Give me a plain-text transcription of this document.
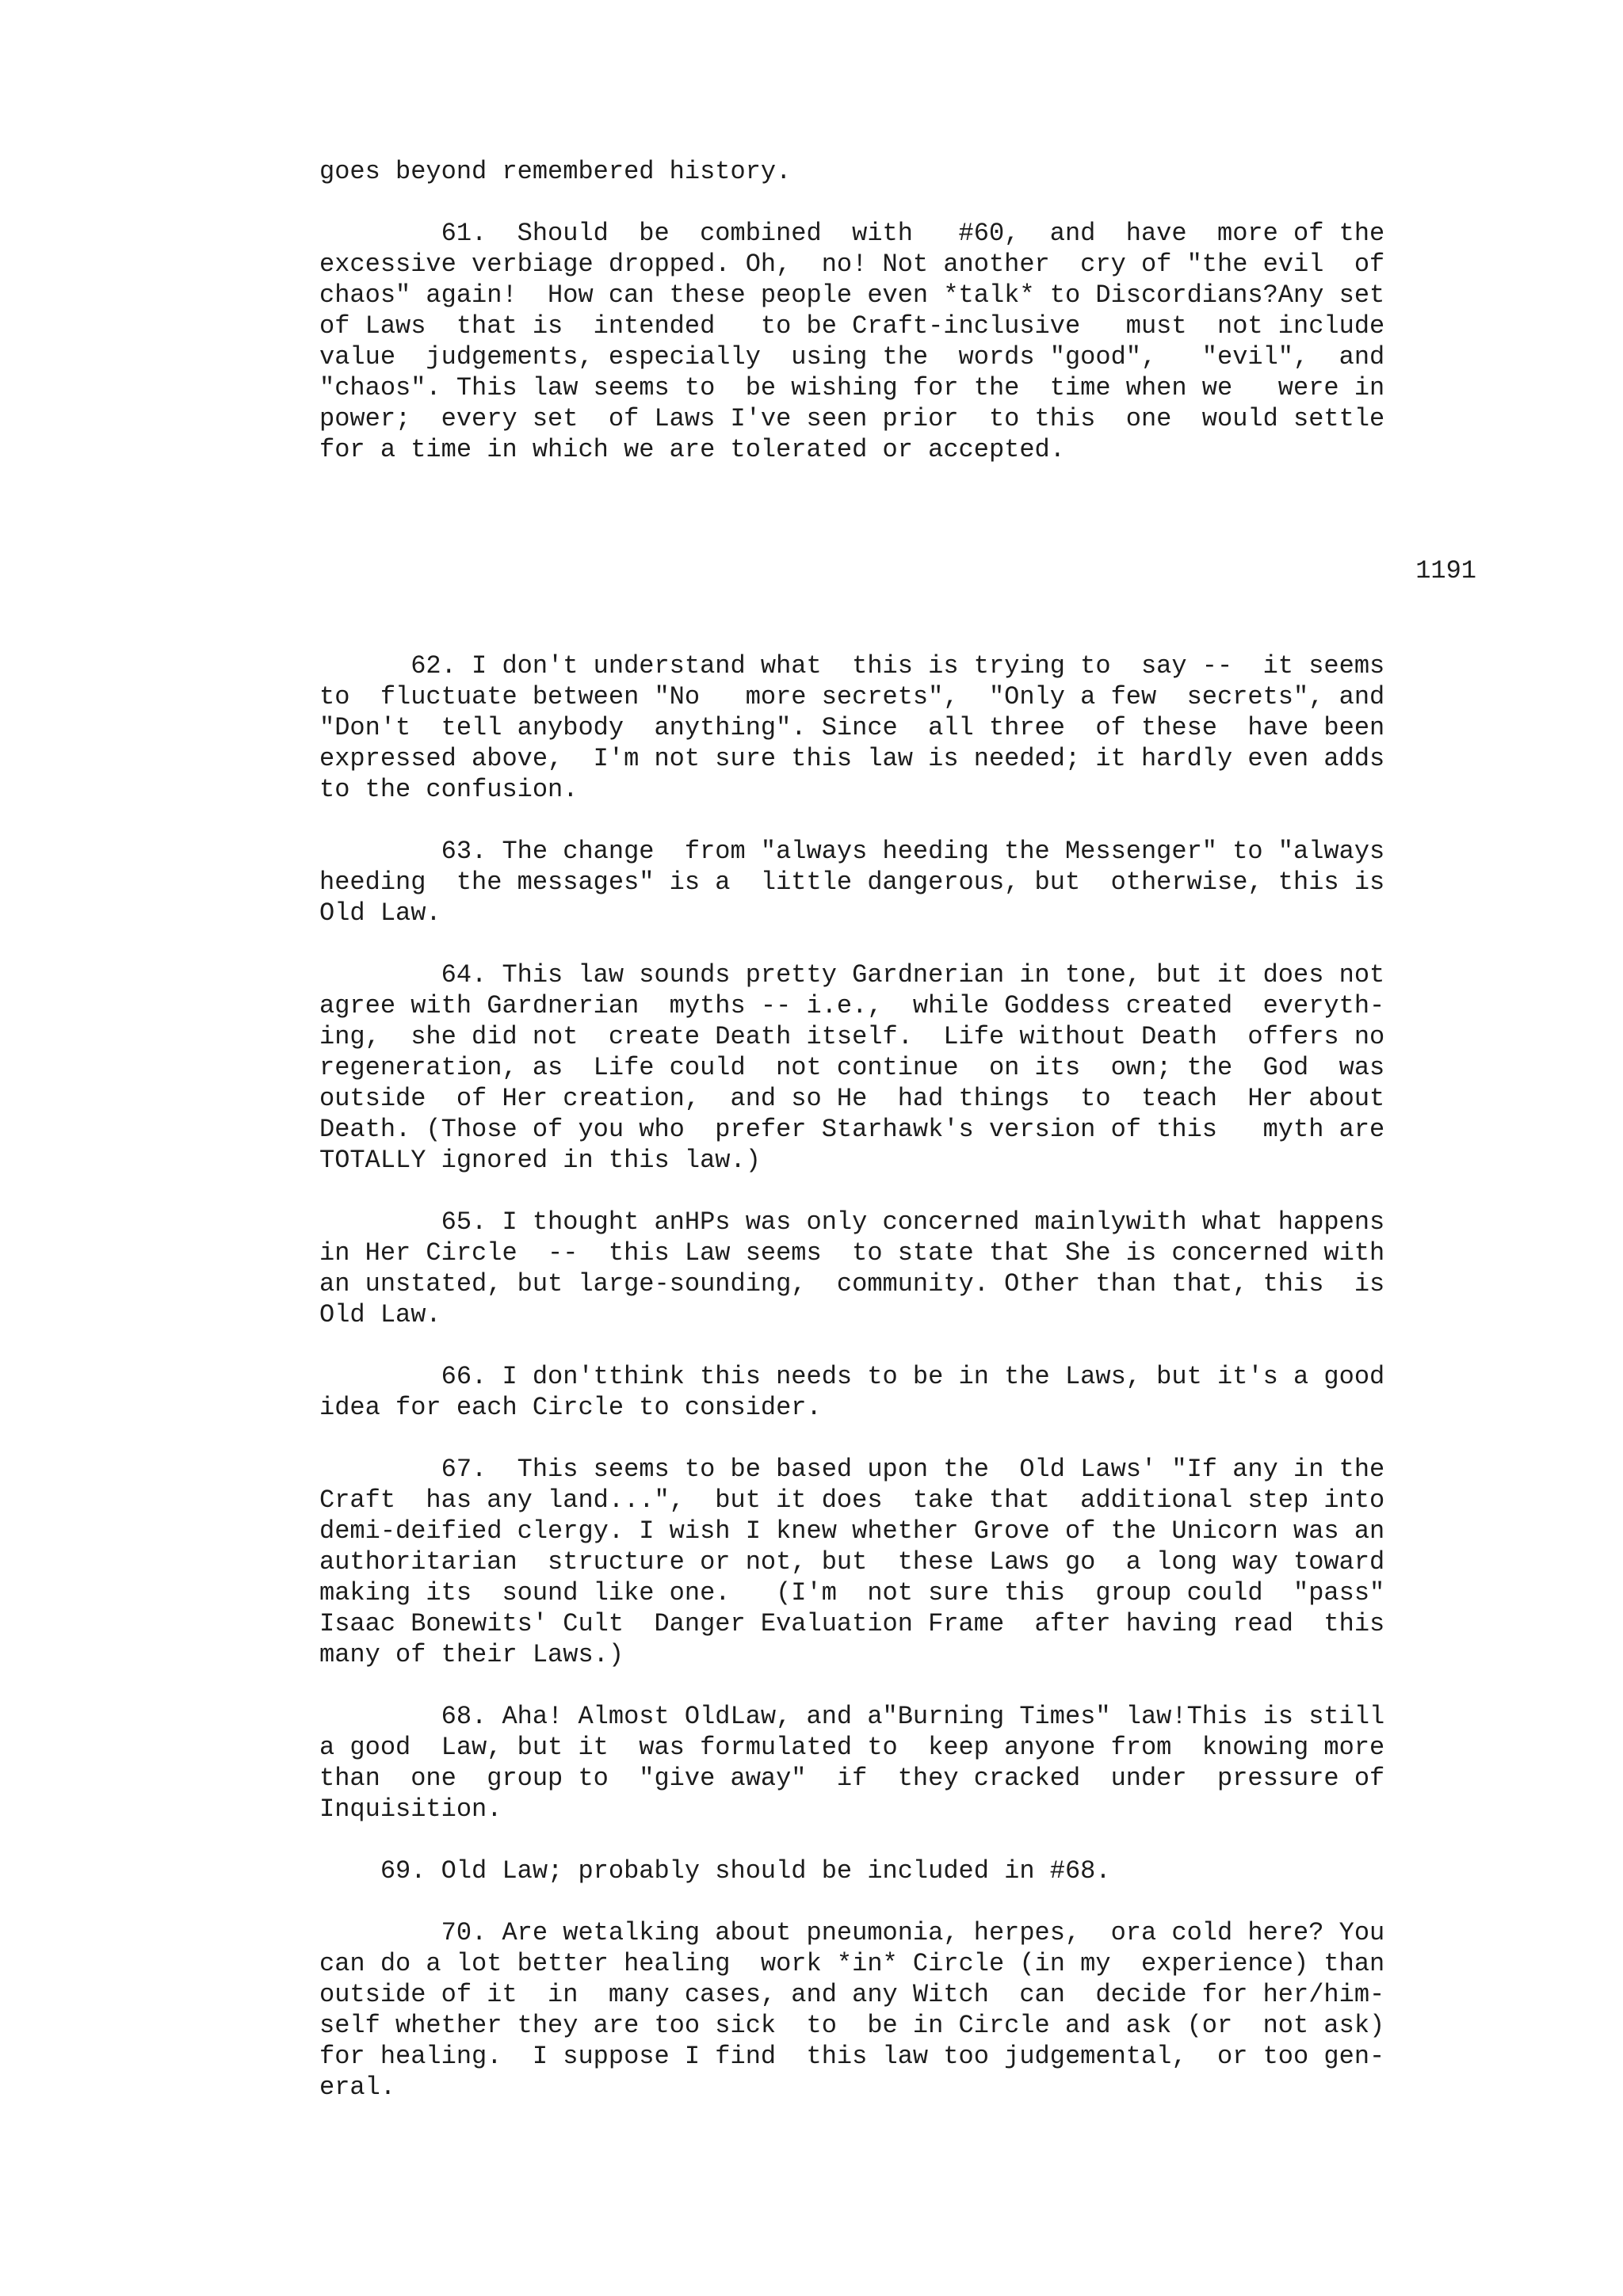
1191
goes beyond remembered history.
61.  Should  be  combined  with   #60,  and  have  more of the
excessive verbiage dropped. Oh,  no! Not another  cry of "the evil  of
chaos" again!  How can these people even *talk* to Discordians?Any set
of Laws  that is  intended   to be Craft-inclusive   must  not include
value  judgements, especially  using the  words "good",   "evil",  and
"chaos". This law seems to  be wishing for the  time when we   were in
power;  every set  of Laws I've seen prior  to this  one  would settle
for a time in which we are tolerated or accepted.
62. I don't understand what  this is trying to  say --  it seems
to  fluctuate between "No   more secrets",  "Only a few  secrets", and
"Don't  tell anybody  anything". Since  all three  of these  have been
expressed above,  I'm not sure this law is needed; it hardly even adds
to the confusion.
63. The change  from "always heeding the Messenger" to "always
heeding  the messages" is a  little dangerous, but  otherwise, this is
Old Law.
64. This law sounds pretty Gardnerian in tone, but it does not
agree with Gardnerian  myths -- i.e.,  while Goddess created  everyth-
ing,  she did not  create Death itself.  Life without Death  offers no
regeneration, as  Life could  not continue  on its  own; the  God  was
outside  of Her creation,  and so He  had things  to  teach  Her about
Death. (Those of you who  prefer Starhawk's version of this   myth are
TOTALLY ignored in this law.)
65. I thought anHPs was only concerned mainlywith what happens
in Her Circle  --  this Law seems  to state that She is concerned with
an unstated, but large-sounding,  community. Other than that, this  is
Old Law.
66. I don'tthink this needs to be in the Laws, but it's a good
idea for each Circle to consider.
67.  This seems to be based upon the  Old Laws' "If any in the
Craft  has any land...",  but it does  take that  additional step into
demi-deified clergy. I wish I knew whether Grove of the Unicorn was an
authoritarian  structure or not, but  these Laws go  a long way toward
making its  sound like one.   (I'm  not sure this  group could  "pass"
Isaac Bonewits' Cult  Danger Evaluation Frame  after having read  this
many of their Laws.)
68. Aha! Almost OldLaw, and a"Burning Times" law!This is still
a good  Law, but it  was formulated to  keep anyone from  knowing more
than  one  group to  "give away"  if  they cracked  under  pressure of
Inquisition.
69. Old Law; probably should be included in #68.
70. Are wetalking about pneumonia, herpes,  ora cold here? You
can do a lot better healing  work *in* Circle (in my  experience) than
outside of it  in  many cases, and any Witch  can  decide for her/him-
self whether they are too sick  to  be in Circle and ask (or  not ask)
for healing.  I suppose I find  this law too judgemental,  or too gen-
eral.
